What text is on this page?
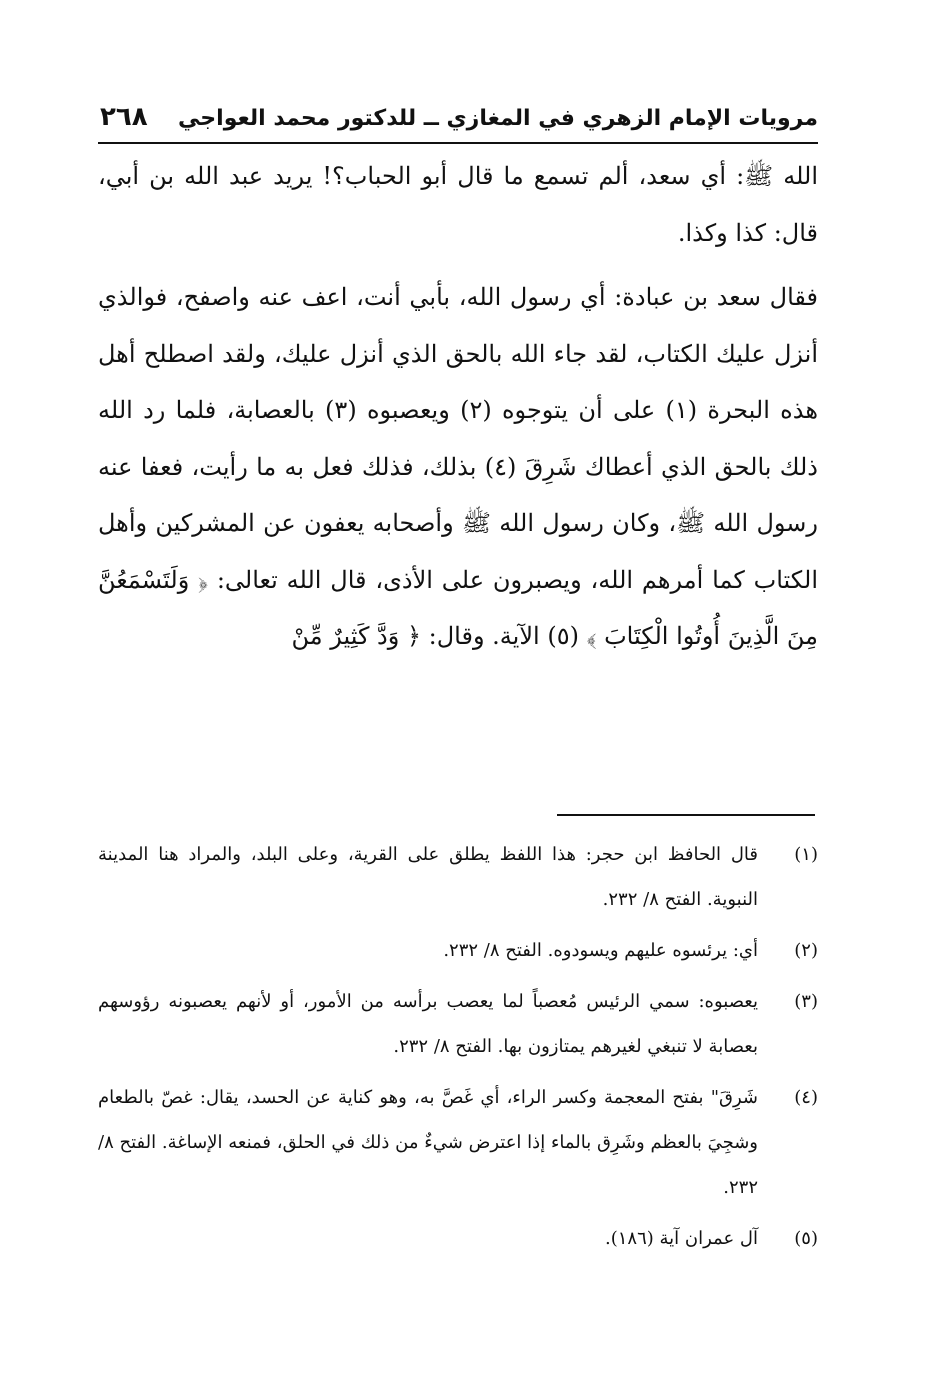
مرويات الإمام الزهري في المغازي ــ للدكتور محمد العواجي
٢٦٨

الله ﷺ: أي سعد، ألم تسمع ما قال أبو الحباب؟! يريد عبد الله بن أبي، قال: كذا وكذا.

فقال سعد بن عبادة: أي رسول الله، بأبي أنت، اعف عنه واصفح، فوالذي أنزل عليك الكتاب، لقد جاء الله بالحق الذي أنزل عليك، ولقد اصطلح أهل هذه البحرة (١) على أن يتوجوه (٢) ويعصبوه (٣) بالعصابة، فلما رد الله ذلك بالحق الذي أعطاك شَرِقَ (٤) بذلك، فذلك فعل به ما رأيت، فعفا عنه رسول الله ﷺ، وكان رسول الله ﷺ وأصحابه يعفون عن المشركين وأهل الكتاب كما أمرهم الله، ويصبرون على الأذى، قال الله تعالى: ﴿ وَلَتَسْمَعُنَّ مِنَ الَّذِينَ أُوتُوا الْكِتَابَ ﴾ (٥) الآية. وقال: ﴿ وَدَّ كَثِيرٌ مِّنْ

(١)
قال الحافظ ابن حجر: هذا اللفظ يطلق على القرية، وعلى البلد، والمراد هنا المدينة النبوية. الفتح ٨/ ٢٣٢.
(٢)
أي: يرئسوه عليهم ويسودوه. الفتح ٨/ ٢٣٢.
(٣)
يعصبوه: سمي الرئيس مُعصباً لما يعصب برأسه من الأمور، أو لأنهم يعصبونه رؤوسهم بعصابة لا تنبغي لغيرهم يمتازون بها. الفتح ٨/ ٢٣٢.
(٤)
شَرِقَ" بفتح المعجمة وكسر الراء، أي غَصَّ به، وهو كناية عن الحسد، يقال: غصّ بالطعام وشجِيَ بالعظم وشَرِق بالماء إذا اعترض شيءٌ من ذلك في الحلق، فمنعه الإساغة. الفتح ٨/ ٢٣٢.
(٥)
آل عمران آية (١٨٦).
